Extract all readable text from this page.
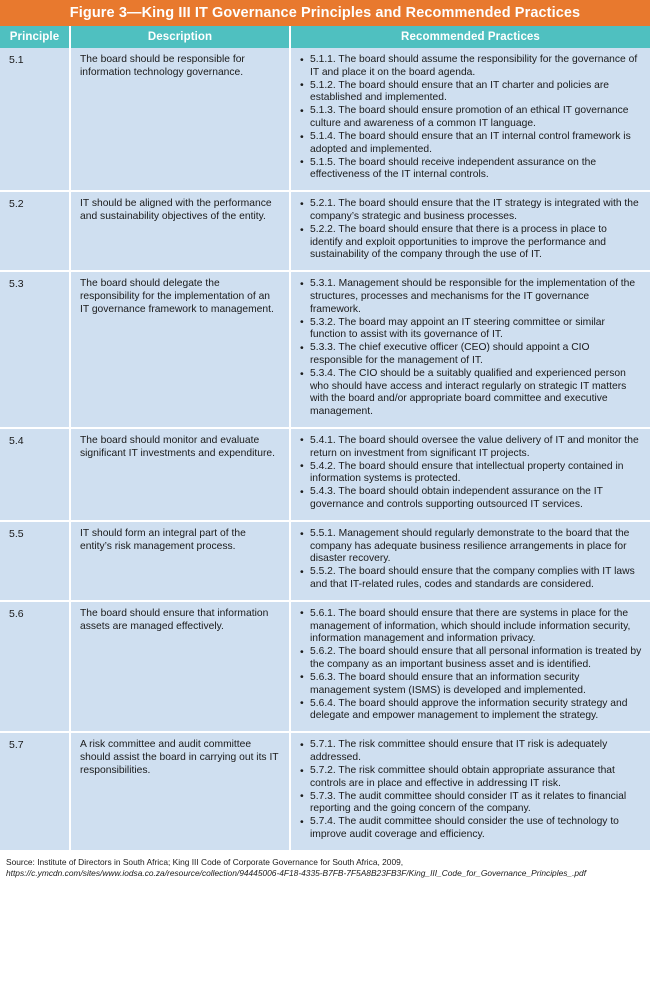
Figure 3—King III IT Governance Principles and Recommended Practices
Principle	Description	Recommended Practices
5.1	The board should be responsible for information technology governance.	
• 5.1.1. The board should assume the responsibility for the governance of IT and place it on the board agenda.
• 5.1.2. The board should ensure that an IT charter and policies are established and implemented.
• 5.1.3. The board should ensure promotion of an ethical IT governance culture and awareness of a common IT language.
• 5.1.4. The board should ensure that an IT internal control framework is adopted and implemented.
• 5.1.5. The board should receive independent assurance on the effectiveness of the IT internal controls.

5.2	IT should be aligned with the performance and sustainability objectives of the entity.	
• 5.2.1. The board should ensure that the IT strategy is integrated with the company’s strategic and business processes.
• 5.2.2. The board should ensure that there is a process in place to identify and exploit opportunities to improve the performance and sustainability of the company through the use of IT.

5.3	The board should delegate the responsibility for the implementation of an IT governance framework to management.	
• 5.3.1. Management should be responsible for the implementation of the structures, processes and mechanisms for the IT governance framework.
• 5.3.2. The board may appoint an IT steering committee or similar function to assist with its governance of IT.
• 5.3.3. The chief executive officer (CEO) should appoint a CIO responsible for the management of IT.
• 5.3.4. The CIO should be a suitably qualified and experienced person who should have access and interact regularly on strategic IT matters with the board and/or appropriate board committee and executive management.

5.4	The board should monitor and evaluate significant IT investments and expenditure.	
• 5.4.1. The board should oversee the value delivery of IT and monitor the return on investment from significant IT projects.
• 5.4.2. The board should ensure that intellectual property contained in information systems is protected.
• 5.4.3. The board should obtain independent assurance on the IT governance and controls supporting outsourced IT services.

5.5	IT should form an integral part of the entity’s risk management process.	
• 5.5.1. Management should regularly demonstrate to the board that the company has adequate business resilience arrangements in place for disaster recovery.
• 5.5.2. The board should ensure that the company complies with IT laws and that IT-related rules, codes and standards are considered.

5.6	The board should ensure that information assets are managed effectively.	
• 5.6.1. The board should ensure that there are systems in place for the management of information, which should include information security, information management and information privacy.
• 5.6.2. The board should ensure that all personal information is treated by the company as an important business asset and is identified.
• 5.6.3. The board should ensure that an information security management system (ISMS) is developed and implemented.
• 5.6.4. The board should approve the information security strategy and delegate and empower management to implement the strategy.

5.7	A risk committee and audit committee should assist the board in carrying out its IT responsibilities.	
• 5.7.1. The risk committee should ensure that IT risk is adequately addressed.
• 5.7.2. The risk committee should obtain appropriate assurance that controls are in place and effective in addressing IT risk.
• 5.7.3. The audit committee should consider IT as it relates to financial reporting and the going concern of the company.
• 5.7.4. The audit committee should consider the use of technology to improve audit coverage and efficiency.
Source: Institute of Directors in South Africa; King III Code of Corporate Governance for South Africa, 2009, https://c.ymcdn.com/sites/www.iodsa.co.za/resource/collection/94445006-4F18-4335-B7FB-7F5A8B23FB3F/King_III_Code_for_Governance_Principles_.pdf
